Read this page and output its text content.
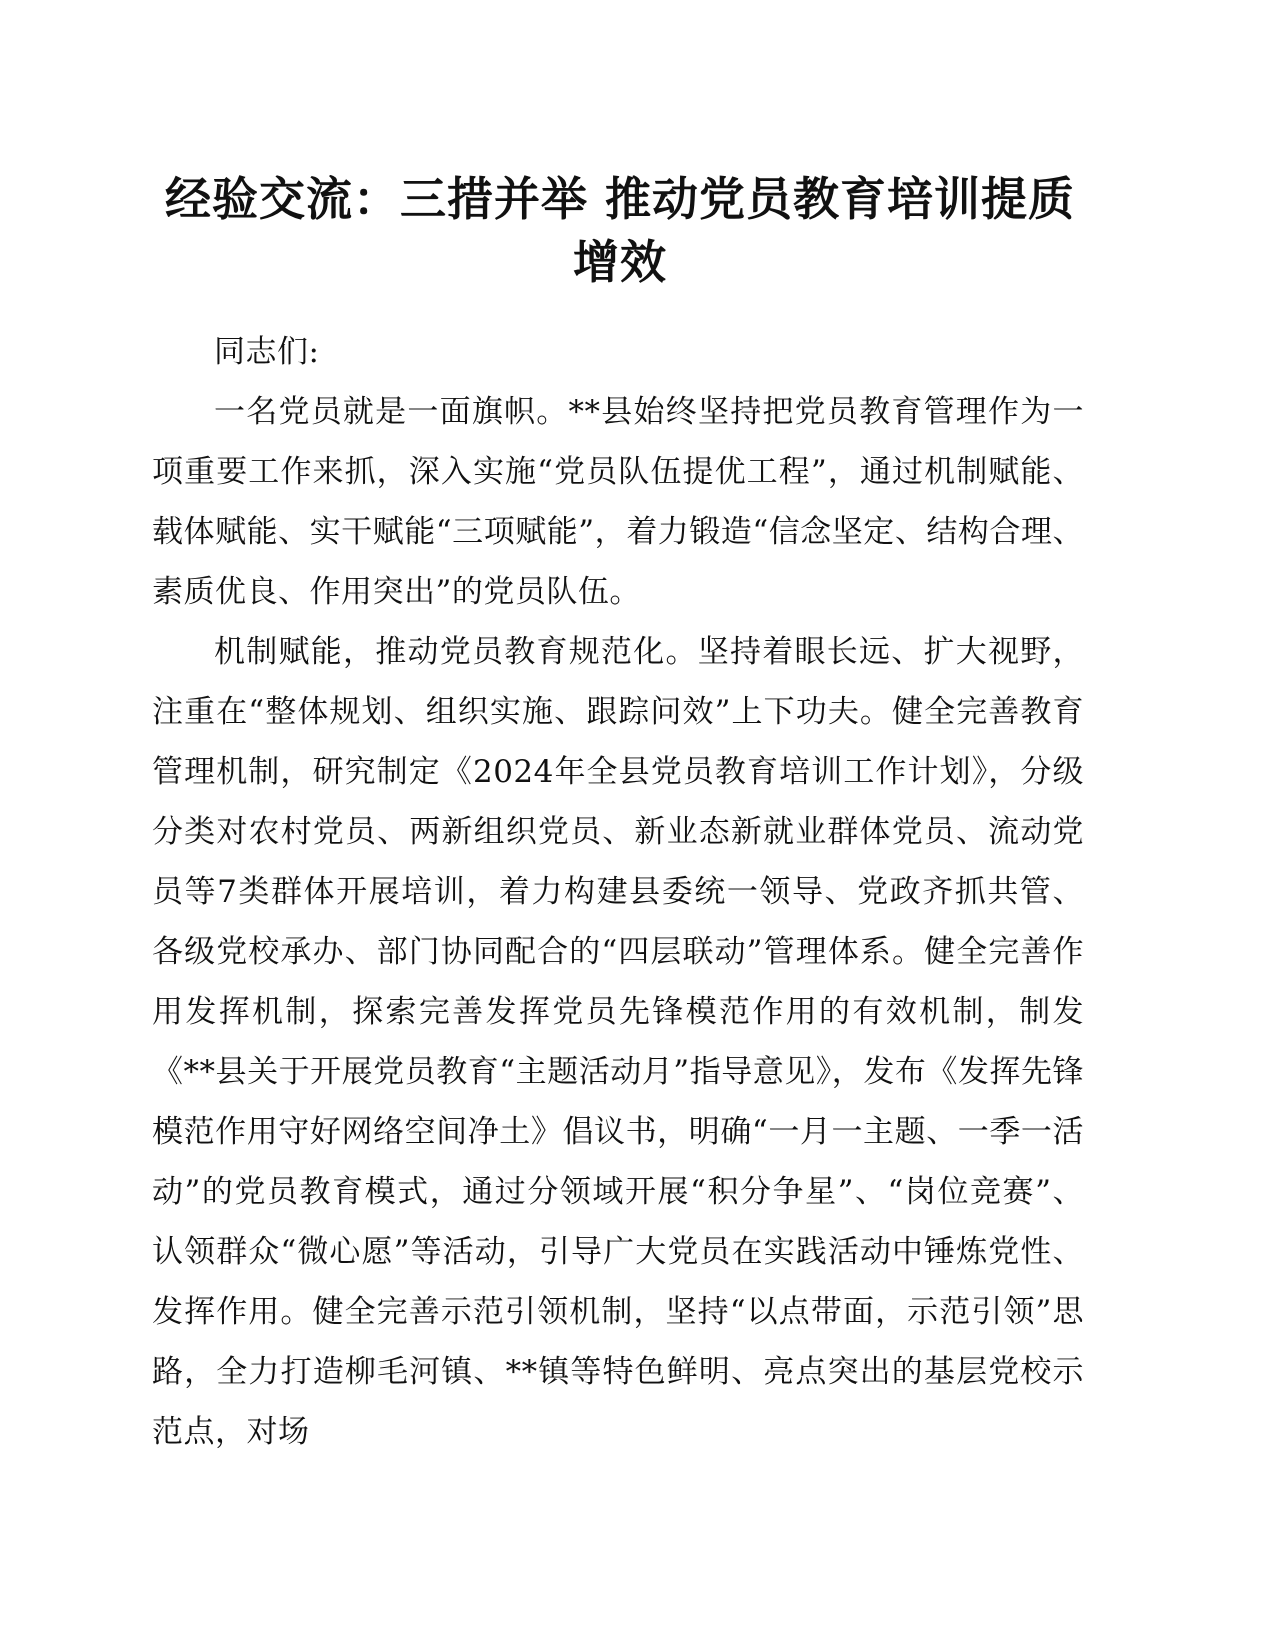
经验交流：三措并举 推动党员教育培训提质增效

同志们:

一名党员就是一面旗帜。**县始终坚持把党员教育管理作为一项重要工作来抓，深入实施“党员队伍提优工程”，通过机制赋能、载体赋能、实干赋能“三项赋能”，着力锻造“信念坚定、结构合理、素质优良、作用突出”的党员队伍。

机制赋能，推动党员教育规范化。坚持着眼长远、扩大视野，注重在“整体规划、组织实施、跟踪问效”上下功夫。健全完善教育管理机制，研究制定《2024年全县党员教育培训工作计划》，分级分类对农村党员、两新组织党员、新业态新就业群体党员、流动党员等7类群体开展培训，着力构建县委统一领导、党政齐抓共管、各级党校承办、部门协同配合的“四层联动”管理体系。健全完善作用发挥机制，探索完善发挥党员先锋模范作用的有效机制，制发《**县关于开展党员教育“主题活动月”指导意见》，发布《发挥先锋模范作用守好网络空间净土》倡议书，明确“一月一主题、一季一活动”的党员教育模式，通过分领域开展“积分争星”、“岗位竞赛”、认领群众“微心愿”等活动，引导广大党员在实践活动中锤炼党性、发挥作用。健全完善示范引领机制，坚持“以点带面，示范引领”思路，全力打造柳毛河镇、**镇等特色鲜明、亮点突出的基层党校示范点，对场
